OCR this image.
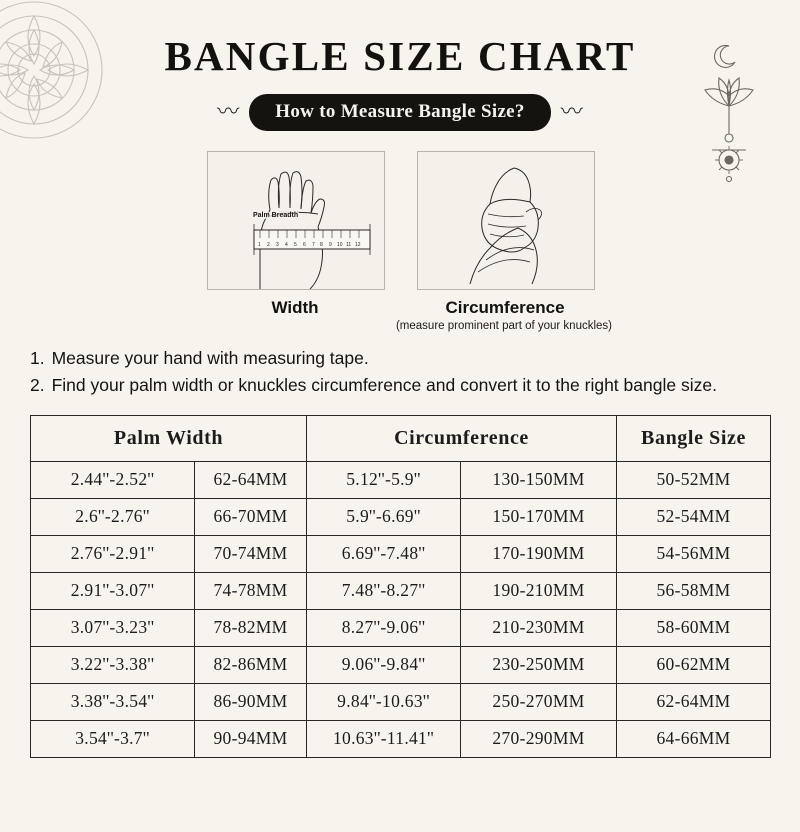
BANGLE SIZE CHART
〰	How to Measure Bangle Size?	〰
1 2 3 4 5 6 7 8 9 10 11 12
Palm Breadth
Width	Circumference
(measure prominent part of your knuckles)
1. Measure your hand with measuring tape.
2. Find your palm width or knuckles circumference and convert it to the right bangle size.
Palm Width		Circumference		Bangle Size
2.44''-2.52''	62-64MM	5.12''-5.9''	130-150MM	50-52MM
2.6''-2.76''	66-70MM	5.9''-6.69''	150-170MM	52-54MM
2.76''-2.91''	70-74MM	6.69''-7.48''	170-190MM	54-56MM
2.91''-3.07''	74-78MM	7.48''-8.27''	190-210MM	56-58MM
3.07''-3.23''	78-82MM	8.27''-9.06''	210-230MM	58-60MM
3.22''-3.38''	82-86MM	9.06''-9.84''	230-250MM	60-62MM
3.38''-3.54''	86-90MM	9.84''-10.63''	250-270MM	62-64MM
3.54''-3.7''	90-94MM	10.63''-11.41''	270-290MM	64-66MM
